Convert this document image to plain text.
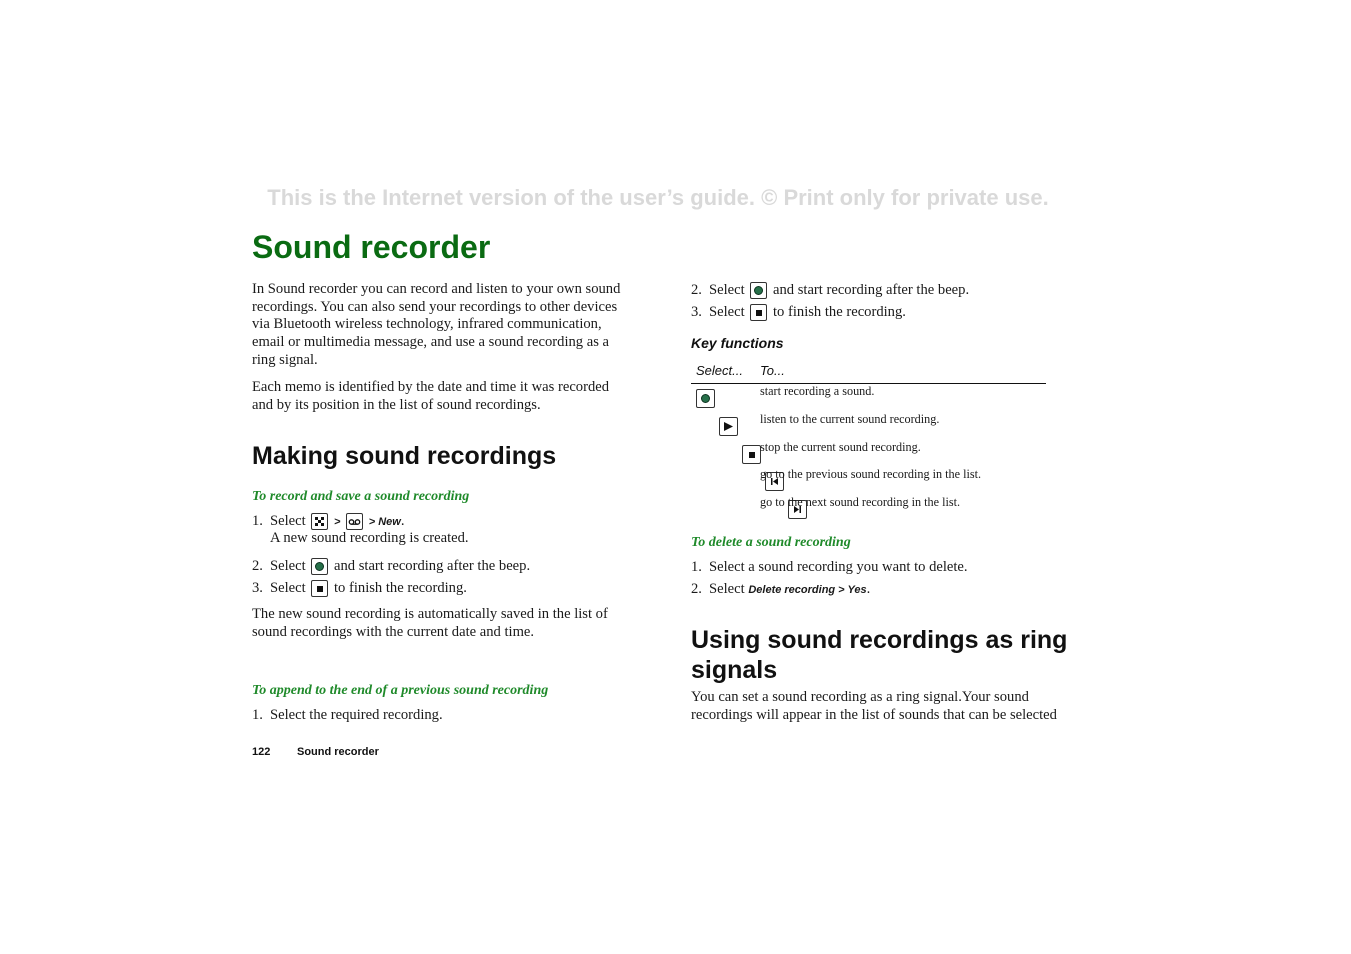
This is the Internet version of the user’s guide. © Print only for private use.
Sound recorder

In Sound recorder you can record and listen to your own sound recordings. You can also send your recordings to other devices via Bluetooth wireless technology, infrared communication, email or multimedia message, and use a sound recording as a ring signal.

Each memo is identified by the date and time it was recorded and by its position in the list of sound recordings.

Making sound recordings

To record and save a sound recording

1. Select	>	> New.
A new sound recording is created.
2. Select and start recording after the beep.
3. Select to finish the recording.

The new sound recording is automatically saved in the list of sound recordings with the current date and time.

To append to the end of a previous sound recording

1. Select the required recording.
2. Select and start recording after the beep.
3. Select to finish the recording.

Key functions

Select... To...

start recording a sound.

listen to the current sound recording.

stop the current sound recording.

go to the previous sound recording in the list.
go to the next sound recording in the list.

To delete a sound recording

1. Select a sound recording you want to delete.
2. Select Delete recording > Yes.
Using sound recordings as ring signals

You can set a sound recording as a ring signal.Your sound recordings will appear in the list of sounds that can be selected

122 Sound recorder
